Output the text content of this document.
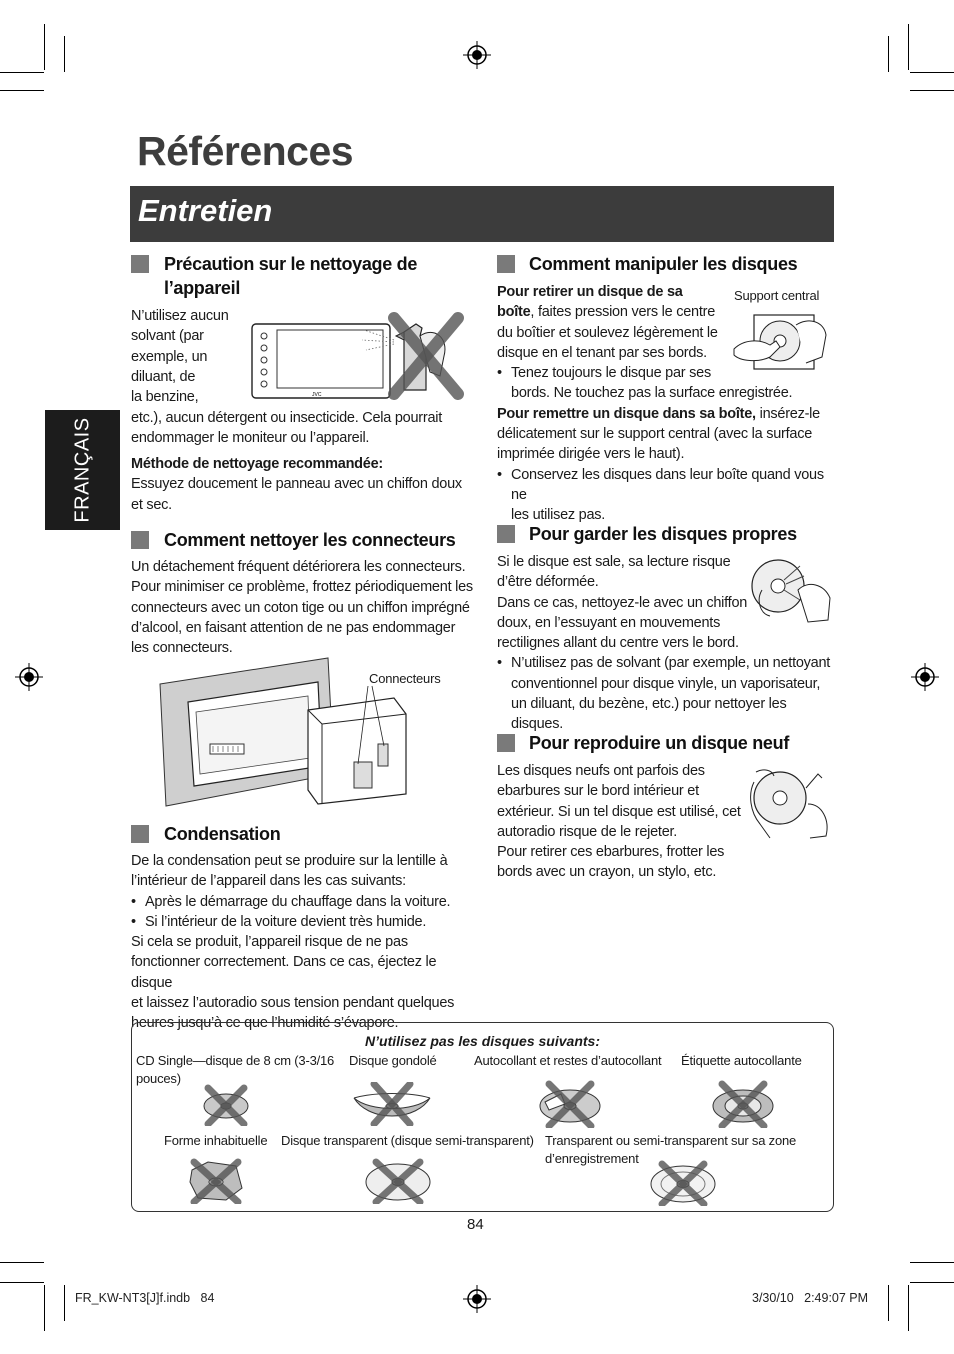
Références
Entretien
FRANÇAIS
Précaution sur le nettoyage de
l’appareil
N’utilisez aucun
solvant (par
exemple, un
diluant, de
la benzine,	JVC
etc.), aucun détergent ou insecticide. Cela pourrait
endommager le moniteur ou l’appareil.
Méthode de nettoyage recommandée:
Essuyez doucement le panneau avec un chiffon doux
et sec.
Comment nettoyer les connecteurs
Un détachement fréquent détériorera les connecteurs.
Pour minimiser ce problème, frottez périodiquement les
connecteurs avec un coton tige ou un chiffon imprégné
d’alcool, en faisant attention de ne pas endommager
les connecteurs.
Connecteurs
Condensation
De la condensation peut se produire sur la lentille à
l’intérieur de l’appareil dans les cas suivants:
• Après le démarrage du chauffage dans la voiture.
• Si l’intérieur de la voiture devient très humide.
Si cela se produit, l’appareil risque de ne pas
fonctionner correctement. Dans ce cas, éjectez le disque
et laissez l’autoradio sous tension pendant quelques
heures jusqu’à ce que l’humidité s’évapore.
Comment manipuler les disques
Support central
Pour retirer un disque de sa
boîte, faites pression vers le centre
du boîtier et soulevez légèrement le
disque en el tenant par ses bords.
• Tenez toujours le disque par ses
bords. Ne touchez pas la surface enregistrée.
Pour remettre un disque dans sa boîte, insérez-le
délicatement sur le support central (avec la surface
imprimée dirigée vers le haut).
• Conservez les disques dans leur boîte quand vous ne
les utilisez pas.
Pour garder les disques propres
Si le disque est sale, sa lecture risque
d’être déformée.
Dans ce cas, nettoyez-le avec un chiffon
doux, en l’essuyant en mouvements
rectilignes allant du centre vers le bord.
• N’utilisez pas de solvant (par exemple, un nettoyant
conventionnel pour disque vinyle, un vaporisateur,
un diluant, du bezène, etc.) pour nettoyer les disques.
Pour reproduire un disque neuf
Les disques neufs ont parfois des
ebarbures sur le bord intérieur et
extérieur. Si un tel disque est utilisé, cet
autoradio risque de le rejeter.
Pour retirer ces ebarbures, frotter les
bords avec un crayon, un stylo, etc.
N’utilisez pas les disques suivants:
CD Single—disque de 8 cm (3-3/16 pouces)
Disque gondolé	Autocollant et restes d’autocollant Étiquette autocollante
Forme inhabituelle Disque transparent (disque semi-transparent) Transparent ou semi-transparent sur sa zone d’enregistrement
84
FR_KW-NT3[J]f.indb   84	3/30/10   2:49:07 PM
